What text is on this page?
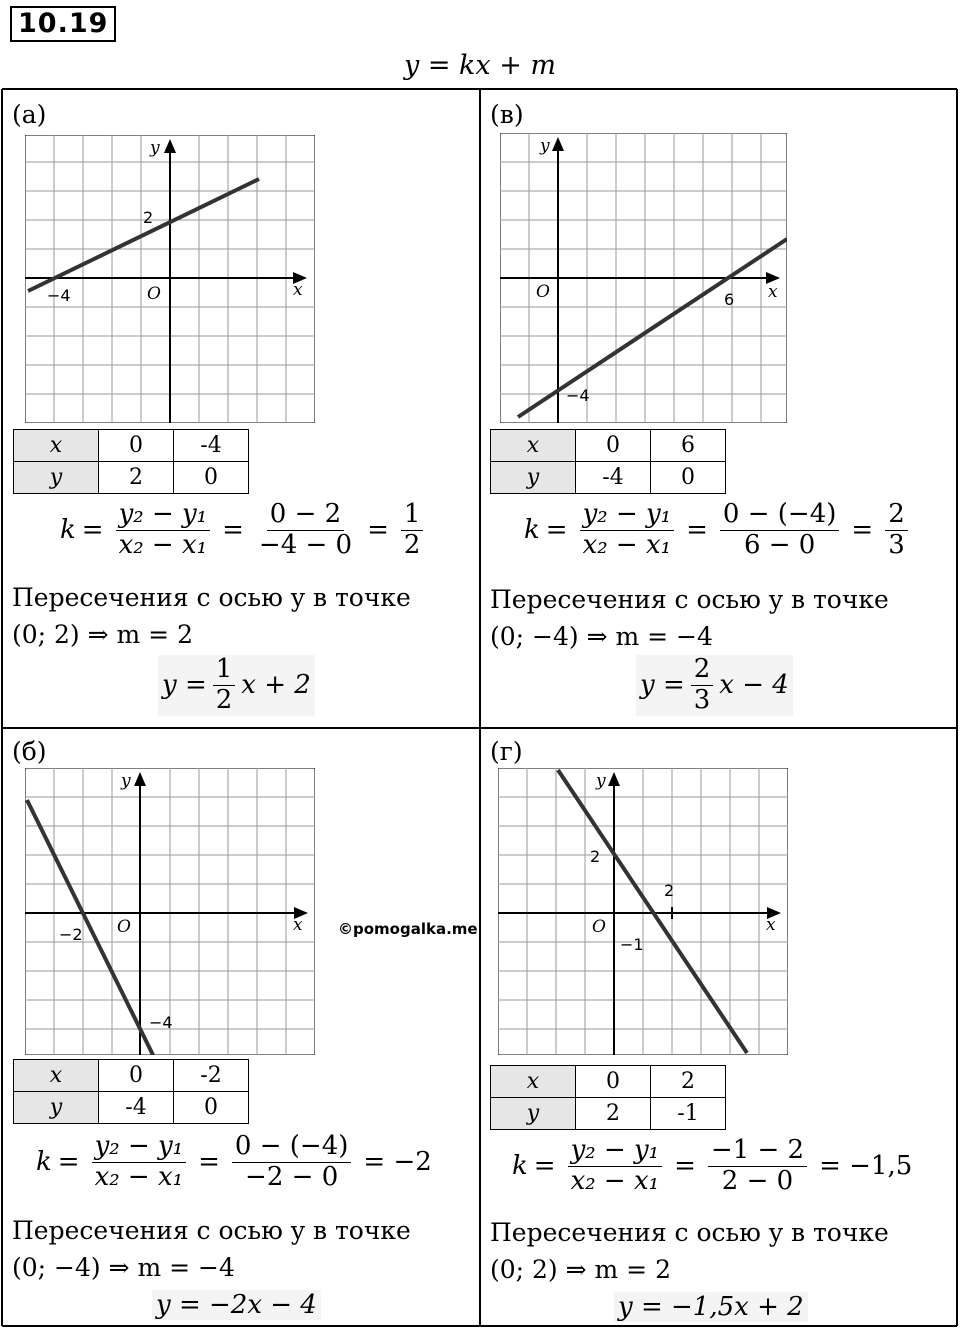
10.19
y = kx + m
(а)
y
x
O
2
−4
x	0	-4
y	2	0
$k = \frac{\text{y₂ − y₁}}{\text{x₂ − x₁}} = \frac{0 - 2}{-4 - 0} = \frac{1}{2}$
Пересечения с осью y в точке
(0; 2) ⇒ m = 2
$y = \frac{1}{2}$ x + 2
(в)
y
x
O	6
−4
x	0	6
y	-4	0
$k = \frac{\text{y₂ − y₁}}{\text{x₂ − x₁}} = \frac{0 - (-4)}{6 - 0} = \frac{2}{3}$
Пересечения с осью y в точке
(0; −4) ⇒ m = −4
$y = \frac{2}{3}$ x − 4
(б)
y
x
O
−2
−4
x	0	-2
y	-4	0
$k = \frac{\text{y₂ − y₁}}{\text{x₂ − x₁}} = \frac{0 - (-4)}{-2 - 0} = -2$
Пересечения с осью y в точке
(0; −4) ⇒ m = −4
y = −2x − 4
(г)
y
x
O
2
2
−1
x	0	2
y	2	-1
$k = \frac{\text{y₂ − y₁}}{\text{x₂ − x₁}} = \frac{-1 - 2}{2 - 0} = -1,5$
Пересечения с осью y в точке
(0; 2) ⇒ m = 2
y = −1,5x + 2
©pomogalka.me
